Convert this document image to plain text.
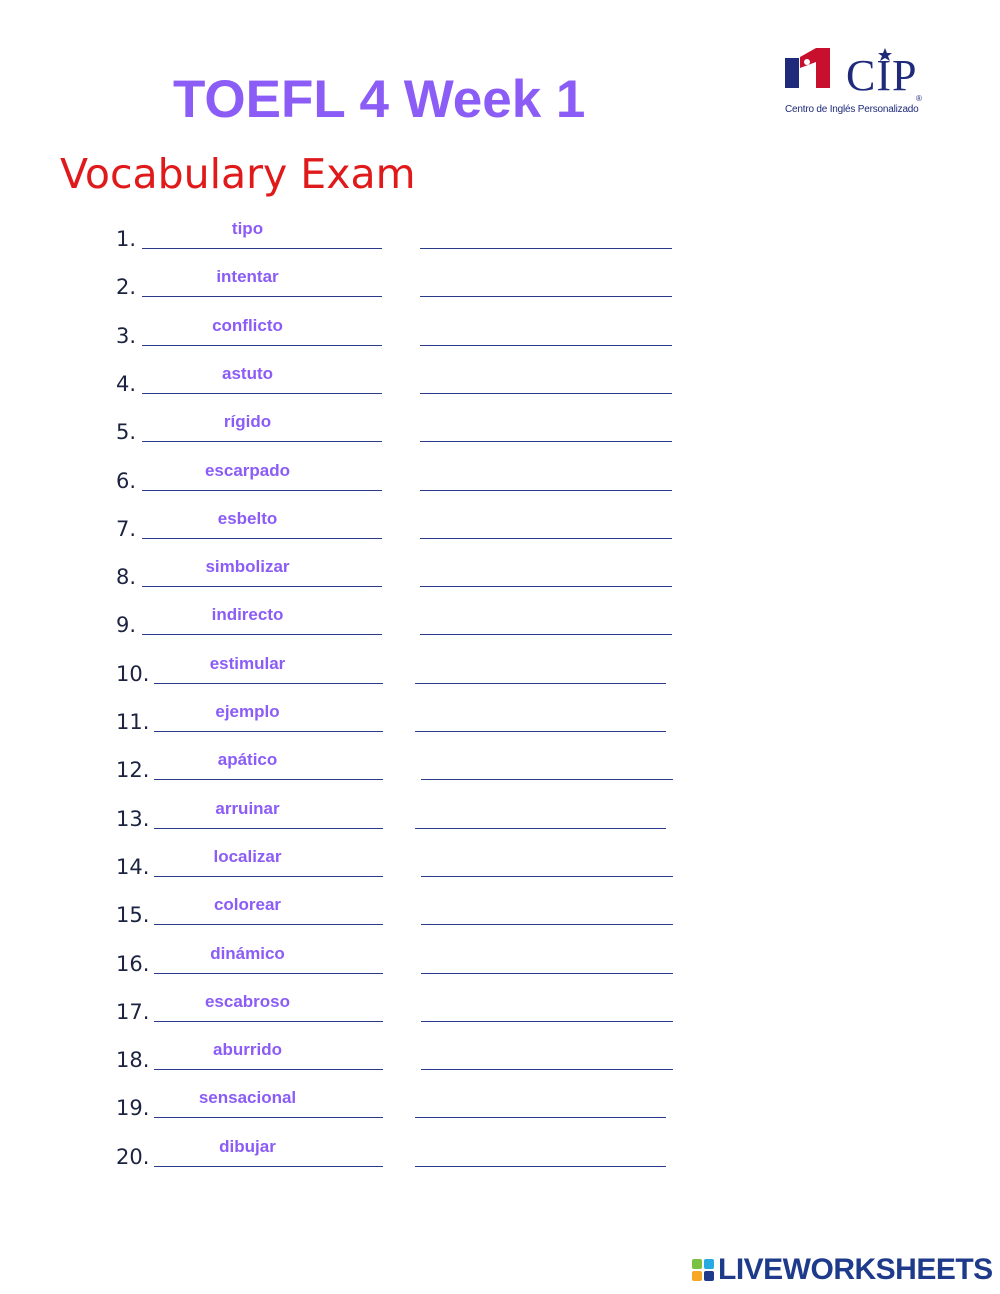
TOEFL 4 Week 1
Vocabulary Exam
CIP
®
Centro de Inglés Personalizado
1.	tipo
2.	intentar
3.	conflicto
4.	astuto
5.	rígido
6.	escarpado
7.	esbelto
8.	simbolizar
9.	indirecto
10.	estimular
11.	ejemplo
12.	apático
13.	arruinar
14.	localizar
15.	colorear
16.	dinámico
17.	escabroso
18.	aburrido
19.	sensacional
20.	dibujar
LIVEWORKSHEETS
